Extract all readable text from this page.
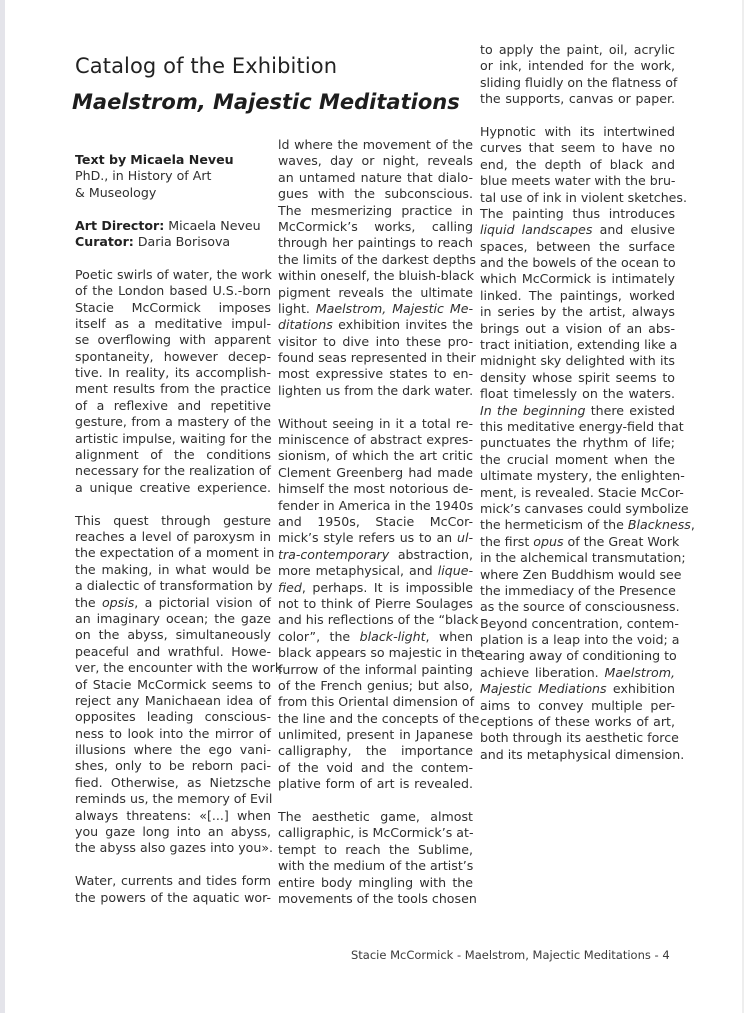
Catalog of the Exhibition
Maelstrom, Majestic Meditations
Text by Micaela Neveu
PhD., in History of Art
& Museology
Art Director: Micaela Neveu
Curator: Daria Borisova
Poetic swirls of water, the work
of the London based U.S.-born
Stacie McCormick imposes
itself as a meditative impul-
se overflowing with apparent
spontaneity, however decep-
tive. In reality, its accomplish-
ment results from the practice
of a reflexive and repetitive
gesture, from a mastery of the
artistic impulse, waiting for the
alignment of the conditions
necessary for the realization of
a unique creative experience.
This quest through gesture
reaches a level of paroxysm in
the expectation of a moment in
the making, in what would be
a dialectic of transformation by
the opsis, a pictorial vision of
an imaginary ocean; the gaze
on the abyss, simultaneously
peaceful and wrathful. Howe-
ver, the encounter with the work
of Stacie McCormick seems to
reject any Manichaean idea of
opposites leading conscious-
ness to look into the mirror of
illusions where the ego vani-
shes, only to be reborn paci-
fied. Otherwise, as Nietzsche
reminds us, the memory of Evil
always threatens: «[...] when
you gaze long into an abyss,
the abyss also gazes into you».
Water, currents and tides form
the powers of the aquatic wor-
ld where the movement of the
waves, day or night, reveals
an untamed nature that dialo-
gues with the subconscious.
The mesmerizing practice in
McCormick’s works, calling
through her paintings to reach
the limits of the darkest depths
within oneself, the bluish-black
pigment reveals the ultimate
light. Maelstrom, Majestic Me-
ditations exhibition invites the
visitor to dive into these pro-
found seas represented in their
most expressive states to en-
lighten us from the dark water.
Without seeing in it a total re-
miniscence of abstract expres-
sionism, of which the art critic
Clement Greenberg had made
himself the most notorious de-
fender in America in the 1940s
and 1950s, Stacie McCor-
mick’s style refers us to an ul-
tra-contemporary abstraction,
more metaphysical, and lique-
fied, perhaps. It is impossible
not to think of Pierre Soulages
and his reflections of the “black
color”, the black-light, when
black appears so majestic in the
furrow of the informal painting
of the French genius; but also,
from this Oriental dimension of
the line and the concepts of the
unlimited, present in Japanese
calligraphy, the importance
of the void and the contem-
plative form of art is revealed.
The aesthetic game, almost
calligraphic, is McCormick’s at-
tempt to reach the Sublime,
with the medium of the artist’s
entire body mingling with the
movements of the tools chosen
to apply the paint, oil, acrylic
or ink, intended for the work,
sliding fluidly on the flatness of
the supports, canvas or paper.
Hypnotic with its intertwined
curves that seem to have no
end, the depth of black and
blue meets water with the bru-
tal use of ink in violent sketches.
The painting thus introduces
liquid landscapes and elusive
spaces, between the surface
and the bowels of the ocean to
which McCormick is intimately
linked. The paintings, worked
in series by the artist, always
brings out a vision of an abs-
tract initiation, extending like a
midnight sky delighted with its
density whose spirit seems to
float timelessly on the waters.
In the beginning there existed
this meditative energy-field that
punctuates the rhythm of life;
the crucial moment when the
ultimate mystery, the enlighten-
ment, is revealed. Stacie McCor-
mick’s canvases could symbolize
the hermeticism of the Blackness,
the first opus of the Great Work
in the alchemical transmutation;
where Zen Buddhism would see
the immediacy of the Presence
as the source of consciousness.
Beyond concentration, contem-
plation is a leap into the void; a
tearing away of conditioning to
achieve liberation. Maelstrom,
Majestic Mediations exhibition
aims to convey multiple per-
ceptions of these works of art,
both through its aesthetic force
and its metaphysical dimension.
Stacie McCormick - Maelstrom, Majectic Meditations - 4
